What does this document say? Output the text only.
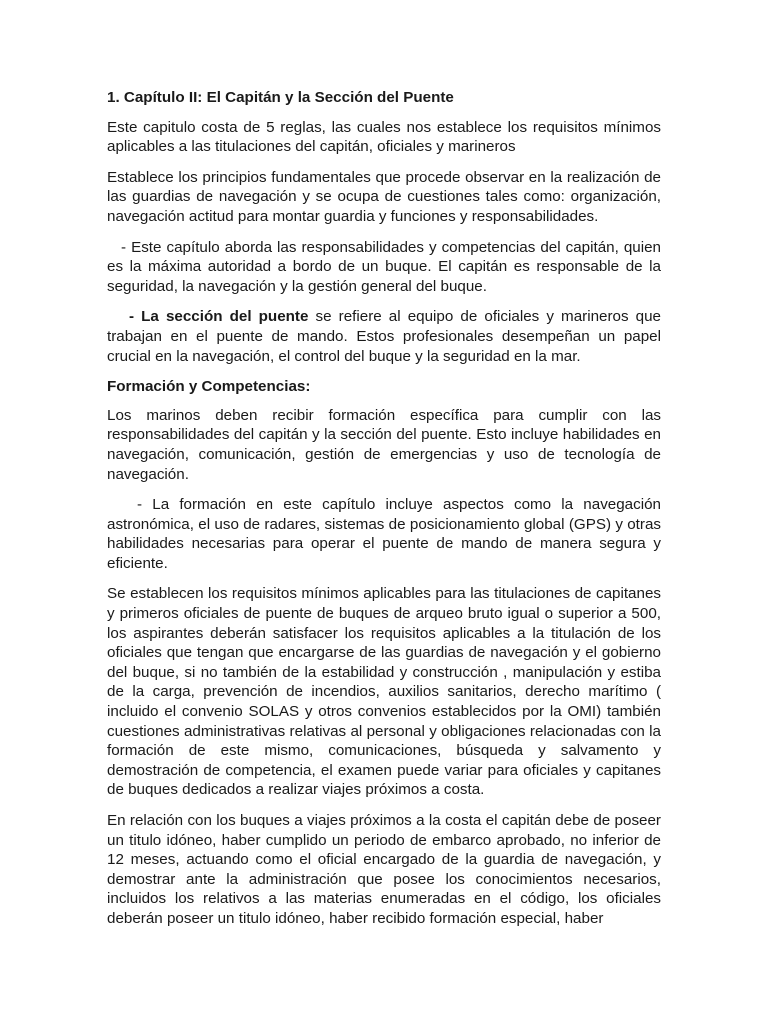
1. Capítulo II: El Capitán y la Sección del Puente

Este capitulo costa de 5 reglas, las cuales nos establece los requisitos mínimos aplicables a las titulaciones del capitán, oficiales y marineros

Establece los principios fundamentales que procede observar en la realización de las guardias de navegación y se ocupa de cuestiones tales como: organización, navegación actitud para montar guardia y funciones y responsabilidades.

- Este capítulo aborda las responsabilidades y competencias del capitán, quien es la máxima autoridad a bordo de un buque. El capitán es responsable de la seguridad, la navegación y la gestión general del buque.

- La sección del puente se refiere al equipo de oficiales y marineros que trabajan en el puente de mando. Estos profesionales desempeñan un papel crucial en la navegación, el control del buque y la seguridad en la mar.

Formación y Competencias:

Los marinos deben recibir formación específica para cumplir con las responsabilidades del capitán y la sección del puente. Esto incluye habilidades en navegación, comunicación, gestión de emergencias y uso de tecnología de navegación.

- La formación en este capítulo incluye aspectos como la navegación astronómica, el uso de radares, sistemas de posicionamiento global (GPS) y otras habilidades necesarias para operar el puente de mando de manera segura y eficiente.

Se establecen los requisitos mínimos aplicables para las titulaciones de capitanes y primeros oficiales de puente de buques de arqueo bruto igual o superior a 500, los aspirantes deberán satisfacer los requisitos aplicables a la titulación de los oficiales que tengan que encargarse de las guardias de navegación y el gobierno del buque, si no también de la estabilidad y construcción , manipulación y estiba de la carga, prevención de incendios, auxilios sanitarios, derecho marítimo ( incluido el convenio SOLAS y otros convenios establecidos por la OMI) también cuestiones administrativas relativas al personal y obligaciones relacionadas con la formación de este mismo, comunicaciones, búsqueda y salvamento y demostración de competencia, el examen puede variar para oficiales y capitanes de buques dedicados a realizar viajes próximos a costa.

En relación con los buques a viajes próximos a la costa el capitán debe de poseer un titulo idóneo, haber cumplido un periodo de embarco aprobado, no inferior de 12 meses, actuando como el oficial encargado de la guardia de navegación, y demostrar ante la administración que posee los conocimientos necesarios, incluidos los relativos a las materias enumeradas en el código, los oficiales deberán poseer un titulo idóneo, haber recibido formación especial, haber
